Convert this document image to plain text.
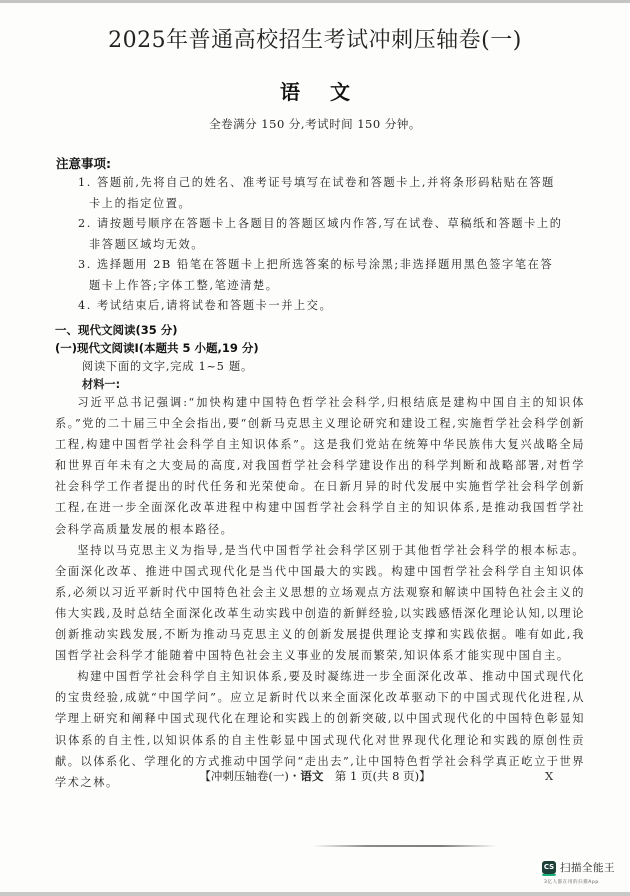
2025年普通高校招生考试冲刺压轴卷(一)
语文
全卷满分 150 分,考试时间 150 分钟。
注意事项:
1. 答题前,先将自己的姓名、准考证号填写在试卷和答题卡上,并将条形码粘贴在答题卡上的指定位置。
2. 请按题号顺序在答题卡上各题目的答题区域内作答,写在试卷、草稿纸和答题卡上的非答题区域均无效。
3. 选择题用 2B 铅笔在答题卡上把所选答案的标号涂黑;非选择题用黑色签字笔在答题卡上作答;字体工整,笔迹清楚。
4. 考试结束后,请将试卷和答题卡一并上交。
一、现代文阅读(35 分)
(一)现代文阅读Ⅰ(本题共 5 小题,19 分)
阅读下面的文字,完成 1~5 题。
材料一:

习近平总书记强调:“加快构建中国特色哲学社会科学,归根结底是建构中国自主的知识体系。”党的二十届三中全会指出,要“创新马克思主义理论研究和建设工程,实施哲学社会科学创新工程,构建中国哲学社会科学自主知识体系”。这是我们党站在统筹中华民族伟大复兴战略全局和世界百年未有之大变局的高度,对我国哲学社会科学建设作出的科学判断和战略部署,对哲学社会科学工作者提出的时代任务和光荣使命。在日新月异的时代发展中实施哲学社会科学创新工程,在进一步全面深化改革进程中构建中国哲学社会科学自主的知识体系,是推动我国哲学社会科学高质量发展的根本路径。

坚持以马克思主义为指导,是当代中国哲学社会科学区别于其他哲学社会科学的根本标志。全面深化改革、推进中国式现代化是当代中国最大的实践。构建中国哲学社会科学自主知识体系,必须以习近平新时代中国特色社会主义思想的立场观点方法观察和解读中国特色社会主义的伟大实践,及时总结全面深化改革生动实践中创造的新鲜经验,以实践感悟深化理论认知,以理论创新推动实践发展,不断为推动马克思主义的创新发展提供理论支撑和实践依据。唯有如此,我国哲学社会科学才能随着中国特色社会主义事业的发展而繁荣,知识体系才能实现中国自主。

构建中国哲学社会科学自主知识体系,要及时凝练进一步全面深化改革、推动中国式现代化的宝贵经验,成就“中国学问”。应立足新时代以来全面深化改革驱动下的中国式现代化进程,从学理上研究和阐释中国式现代化在理论和实践上的创新突破,以中国式现代化的中国特色彰显知识体系的自主性,以知识体系的自主性彰显中国式现代化对世界现代化理论和实践的原创性贡献。以体系化、学理化的方式推动中国学问“走出去”,让中国特色哲学社会科学真正屹立于世界学术之林。	【冲刺压轴卷(一)・语文　第 1 页(共 8 页)】	X
CS 扫描全能王
3亿人都在用的扫描App
